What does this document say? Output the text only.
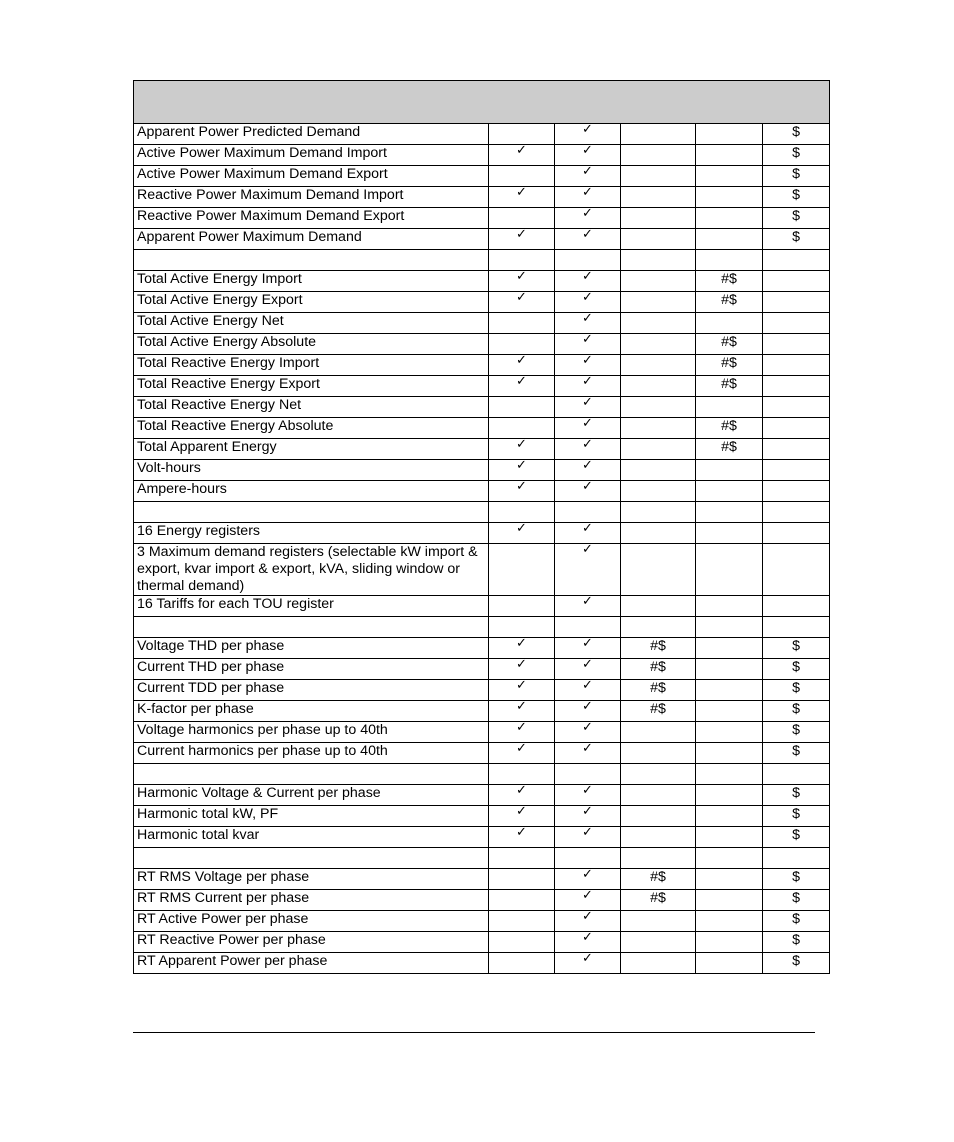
Apparent Power Predicted Demand		✓			$
Active Power Maximum Demand Import	✓	✓			$
Active Power Maximum Demand Export		✓			$
Reactive Power Maximum Demand Import	✓	✓			$
Reactive Power Maximum Demand Export		✓			$
Apparent Power Maximum Demand	✓	✓			$

Total Active Energy Import	✓	✓		#$	
Total Active Energy Export	✓	✓		#$	
Total Active Energy Net		✓			
Total Active Energy Absolute		✓		#$	
Total Reactive Energy Import	✓	✓		#$	
Total Reactive Energy Export	✓	✓		#$	
Total Reactive Energy Net		✓			
Total Reactive Energy Absolute		✓		#$	
Total Apparent Energy	✓	✓		#$	
Volt-hours	✓	✓			
Ampere-hours	✓	✓			

16 Energy registers	✓	✓			
3 Maximum demand registers (selectable kW import & export, kvar import & export, kVA, sliding window or thermal demand)		✓			
16 Tariffs for each TOU register		✓			

Voltage THD per phase	✓	✓	#$		$
Current THD per phase	✓	✓	#$		$
Current TDD per phase	✓	✓	#$		$
K-factor per phase	✓	✓	#$		$
Voltage harmonics per phase up to 40th	✓	✓			$
Current harmonics per phase up to 40th	✓	✓			$

Harmonic Voltage & Current per phase	✓	✓			$
Harmonic total kW, PF	✓	✓			$
Harmonic total kvar	✓	✓			$

RT RMS Voltage per phase		✓	#$		$
RT RMS Current per phase		✓	#$		$
RT Active Power per phase		✓			$
RT Reactive Power per phase		✓			$
RT Apparent Power per phase		✓			$
